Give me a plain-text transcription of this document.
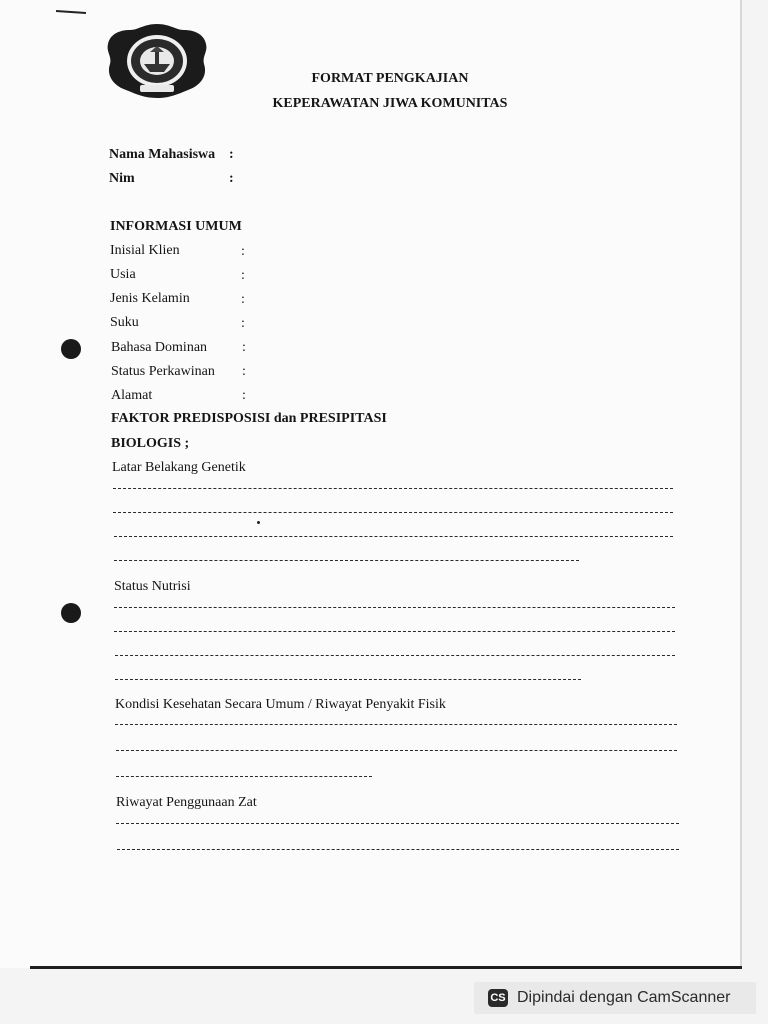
FORMAT PENGKAJIAN
KEPERAWATAN JIWA KOMUNITAS
Nama Mahasiswa :
Nim	:
INFORMASI UMUM
Inisial Klien	:
Usia	:
Jenis Kelamin	:
Suku	:
Bahasa Dominan :
Status Perkawinan :
Alamat	:
FAKTOR PREDISPOSISI dan PRESIPITASI
BIOLOGIS ;
Latar Belakang Genetik
Status Nutrisi
Kondisi Kesehatan Secara Umum / Riwayat Penyakit Fisik
Riwayat Penggunaan Zat
CS Dipindai dengan CamScanner
